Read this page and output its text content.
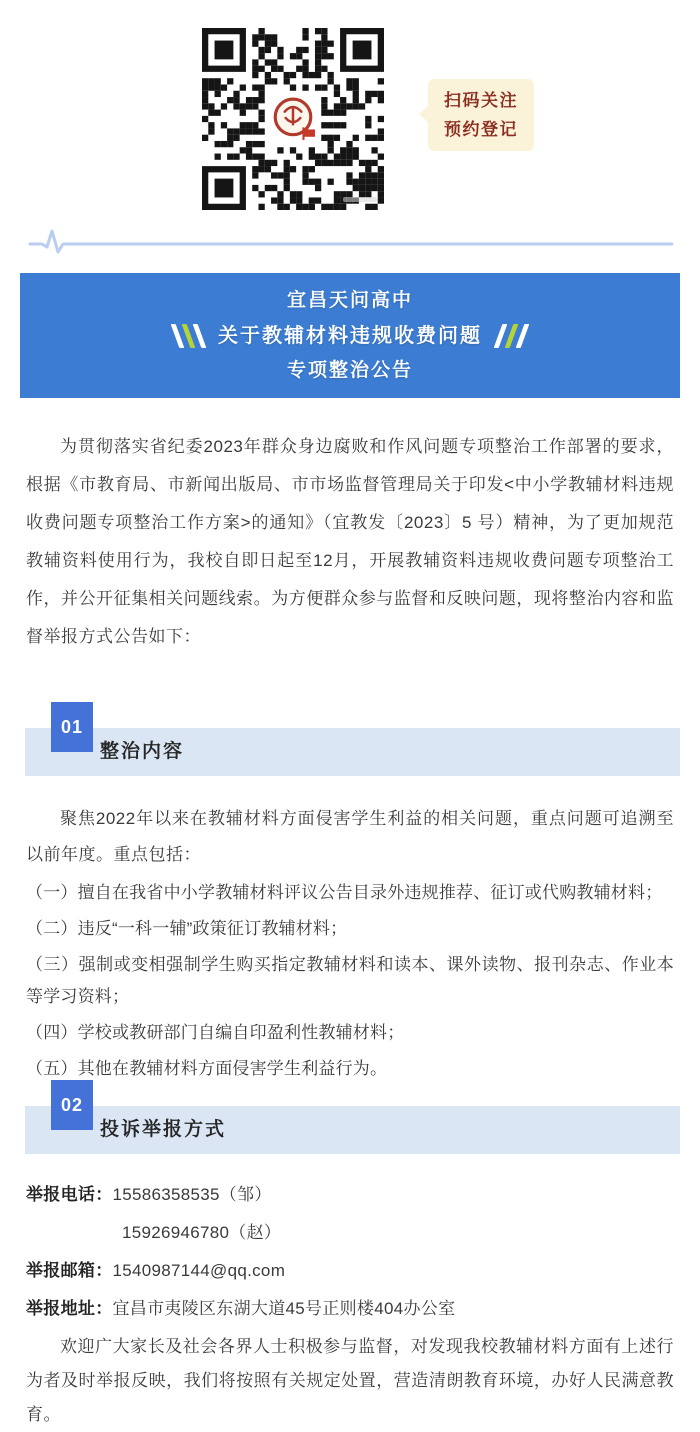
扫码关注
预约登记
宜昌天问高中
关于教辅材料违规收费问题
专项整治公告

为贯彻落实省纪委2023年群众身边腐败和作风问题专项整治工作部署的要求，根据《市教育局、市新闻出版局、市市场监督管理局关于印发<中小学教辅材料违规收费问题专项整治工作方案>的通知》（宜教发〔2023〕5 号）精神，为了更加规范教辅资料使用行为，我校自即日起至12月，开展教辅资料违规收费问题专项整治工作，并公开征集相关问题线索。为方便群众参与监督和反映问题，现将整治内容和监督举报方式公告如下：

01
整治内容

聚焦2022年以来在教辅材料方面侵害学生利益的相关问题，重点问题可追溯至以前年度。重点包括：

（一）擅自在我省中小学教辅材料评议公告目录外违规推荐、征订或代购教辅材料；

（二）违反“一科一辅”政策征订教辅材料；

（三）强制或变相强制学生购买指定教辅材料和读本、课外读物、报刊杂志、作业本等学习资料；

（四）学校或教研部门自编自印盈利性教辅材料；

（五）其他在教辅材料方面侵害学生利益行为。

02
投诉举报方式
举报电话：15586358535（邹）
15926946780（赵）
举报邮箱：1540987144@qq.com
举报地址：宜昌市夷陵区东湖大道45号正则楼404办公室

欢迎广大家长及社会各界人士积极参与监督，对发现我校教辅材料方面有上述行为者及时举报反映，我们将按照有关规定处置，营造清朗教育环境，办好人民满意教育。
